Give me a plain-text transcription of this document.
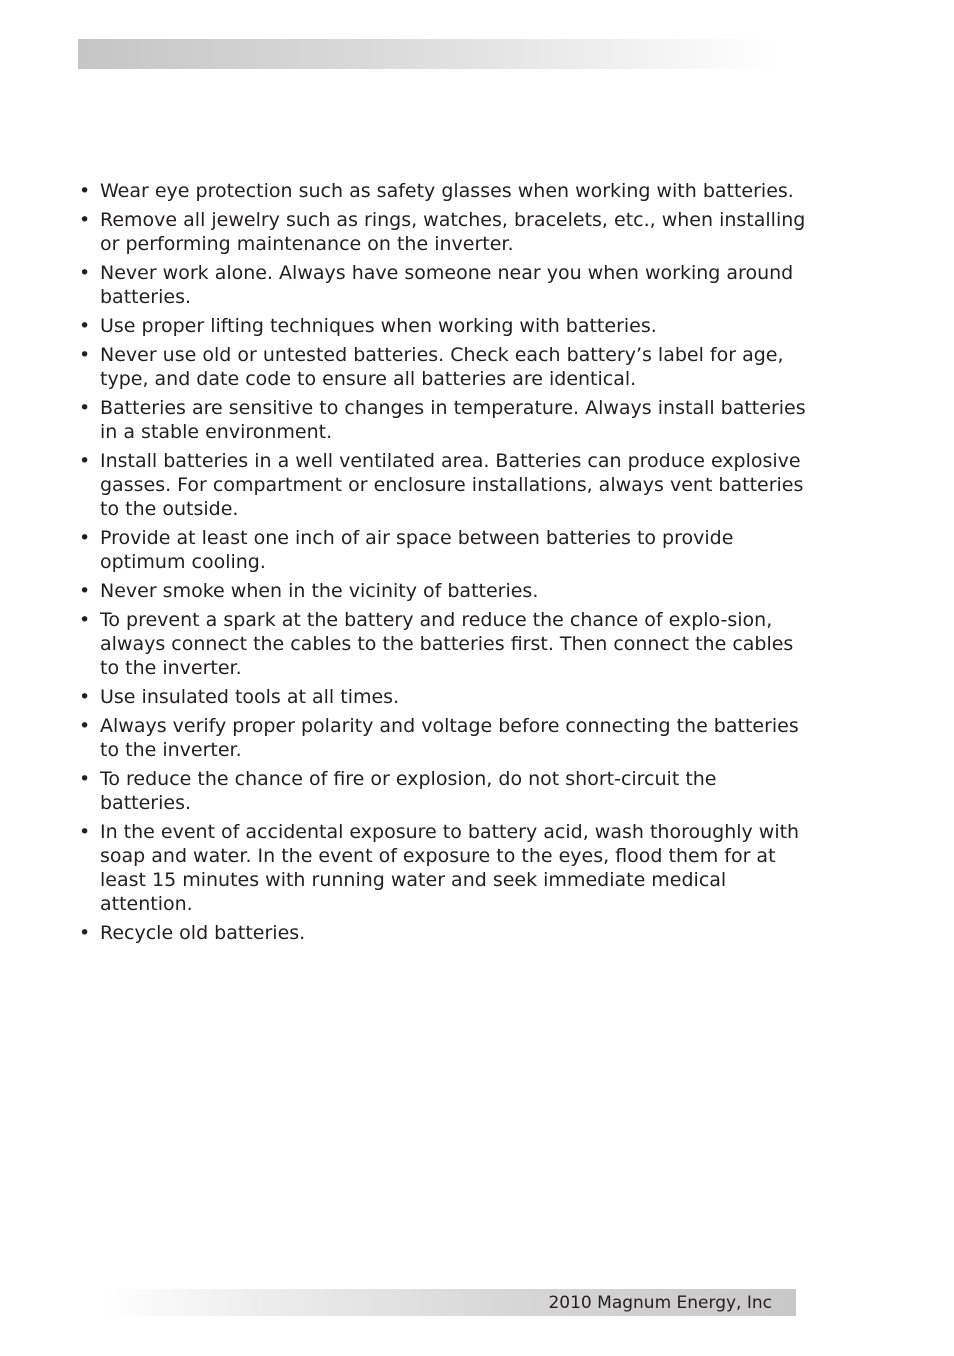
• Wear eye protection such as safety glasses when working with batteries.
• Remove all jewelry such as rings, watches, bracelets, etc., when installing or performing maintenance on the inverter.
• Never work alone. Always have someone near you when working around batteries.
• Use proper lifting techniques when working with batteries.
• Never use old or untested batteries. Check each battery’s label for age, type, and date code to ensure all batteries are identical.
• Batteries are sensitive to changes in temperature. Always install batteries in a stable environment.
• Install batteries in a well ventilated area. Batteries can produce explosive gasses. For compartment or enclosure installations, always vent batteries to the outside.
• Provide at least one inch of air space between batteries to provide optimum cooling.
• Never smoke when in the vicinity of batteries.
• To prevent a spark at the battery and reduce the chance of explo-sion, always connect the cables to the batteries first. Then connect the cables to the inverter.
• Use insulated tools at all times.
• Always verify proper polarity and voltage before connecting the batteries to the inverter.
• To reduce the chance of fire or explosion, do not short-circuit the batteries.
• In the event of accidental exposure to battery acid, wash thoroughly with soap and water. In the event of exposure to the eyes, flood them for at least 15 minutes with running water and seek immediate medical attention.
• Recycle old batteries.
2010 Magnum Energy, Inc
